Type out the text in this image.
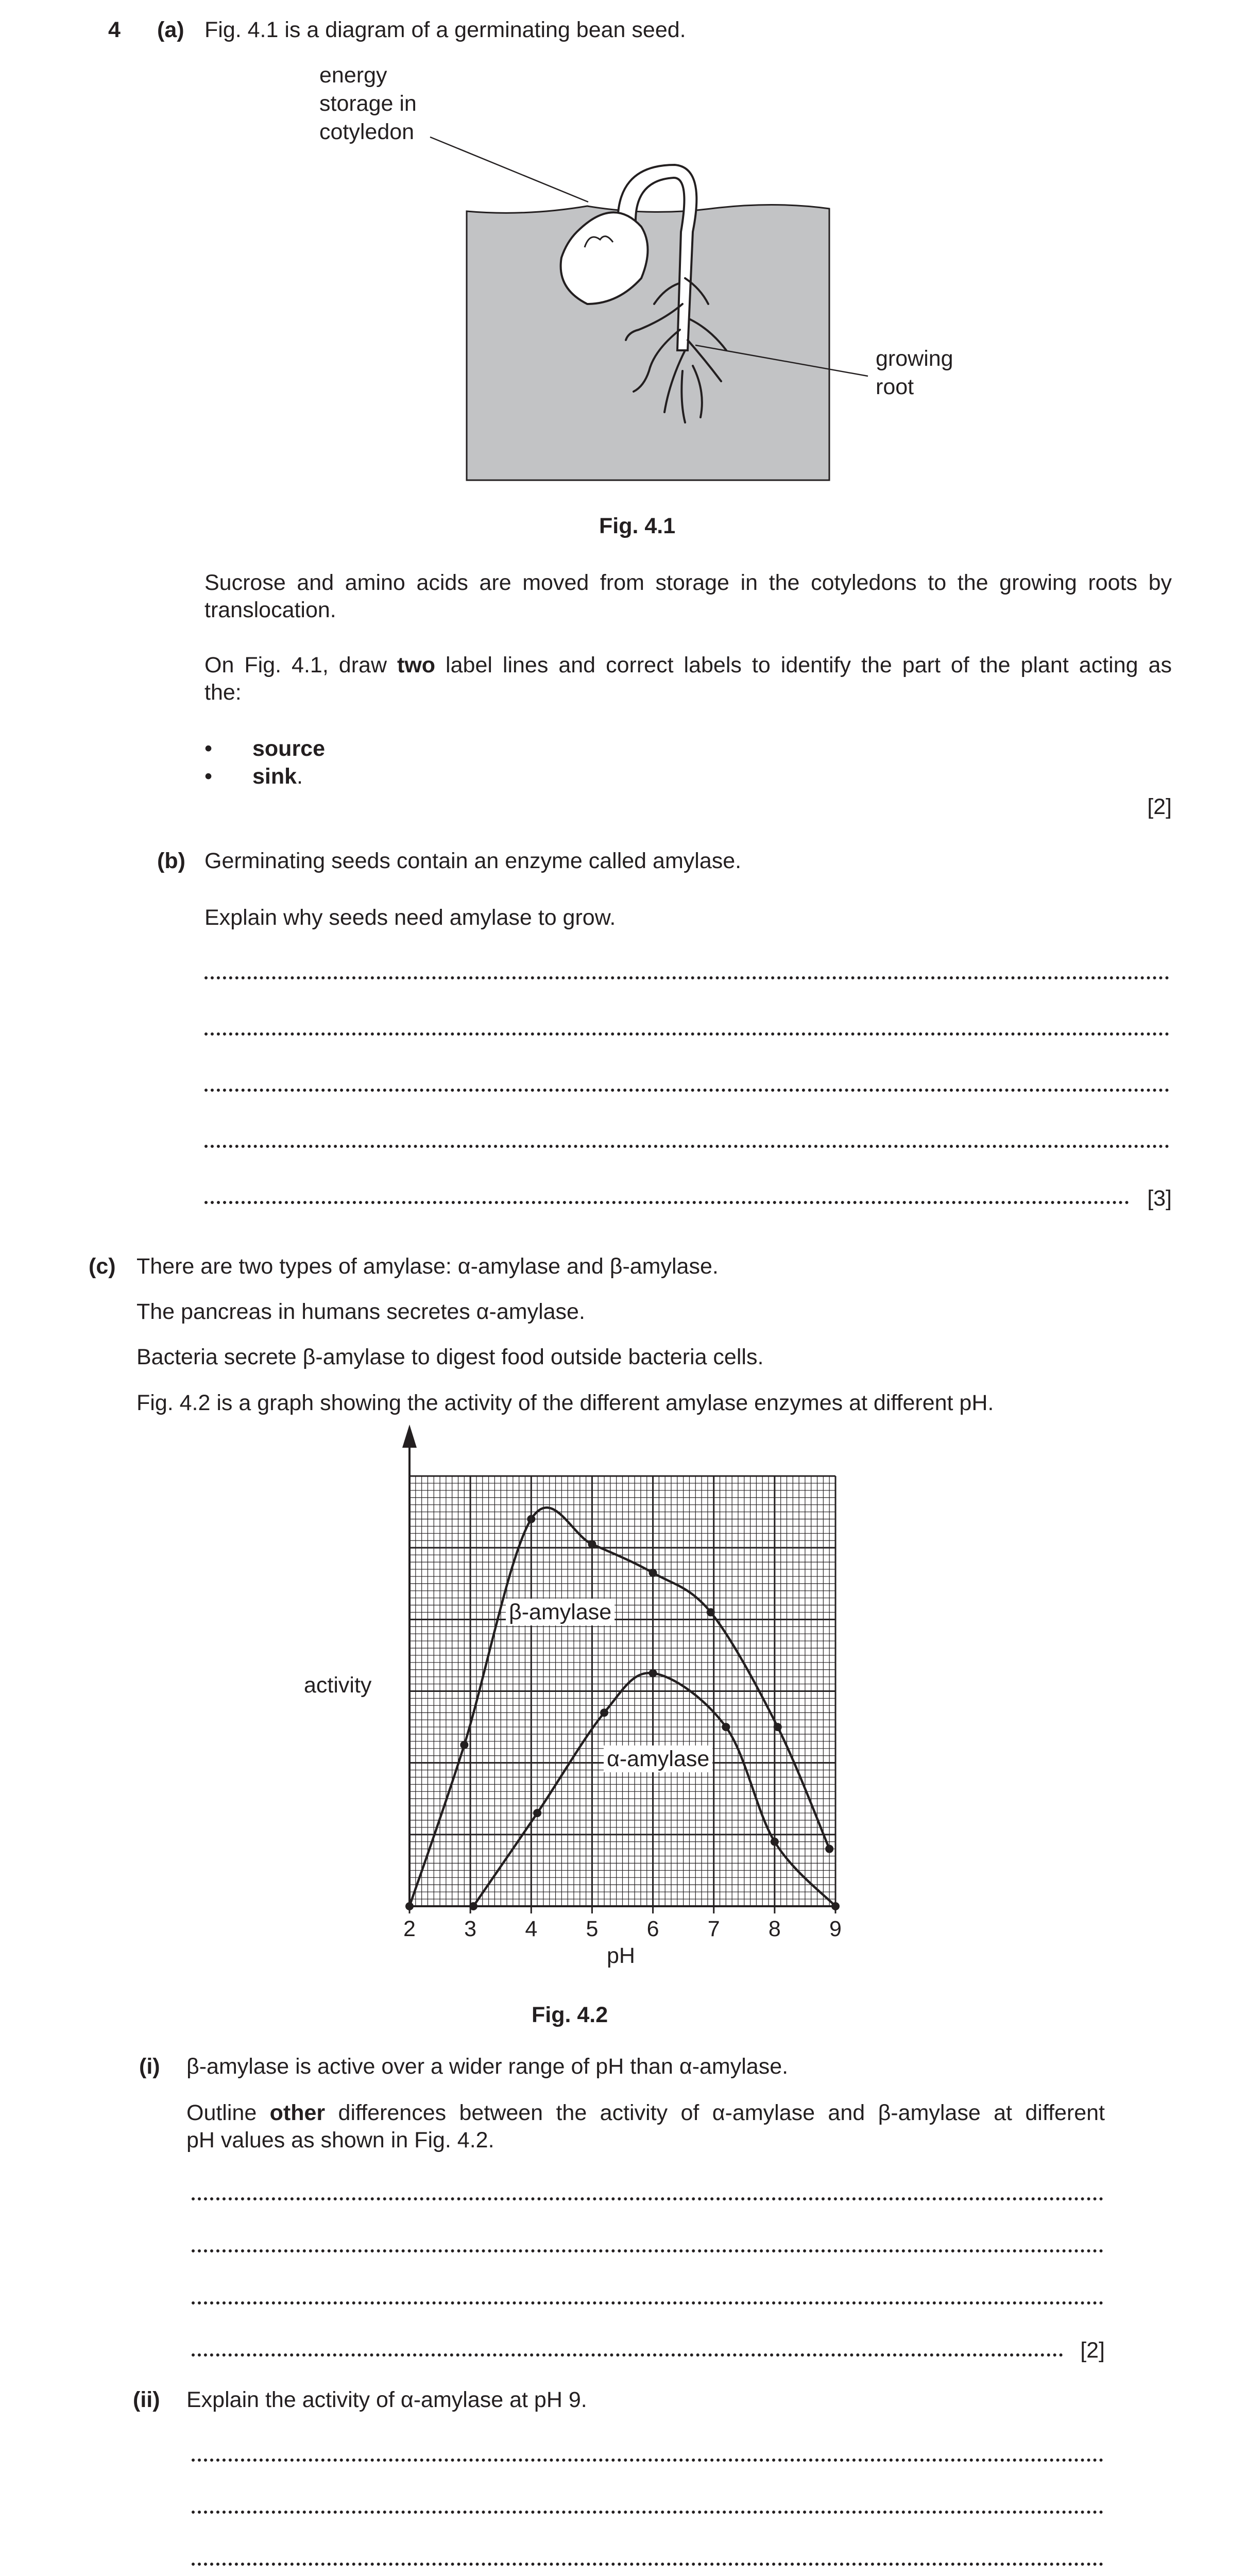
4 (a) Fig. 4.1 is a diagram of a germinating bean seed.
energy
storage in
cotyledon
growing
root
Fig. 4.1
Sucrose and amino acids are moved from storage in the cotyledons to the growing roots by
translocation.
On Fig. 4.1, draw two label lines and correct labels to identify the part of the plant acting as
the:
• source
• sink.
[2]
(b) Germinating seeds contain an enzyme called amylase.
Explain why seeds need amylase to grow.
[3]
(c) There are two types of amylase: α-amylase and β-amylase.
The pancreas in humans secretes α-amylase.
Bacteria secrete β-amylase to digest food outside bacteria cells.
Fig. 4.2 is a graph showing the activity of the different amylase enzymes at different pH.
2 3 4 5 6 7 8 9
activity
pH
β-amylase
α-amylase
Fig. 4.2
(i) β-amylase is active over a wider range of pH than α-amylase.
Outline other differences between the activity of α-amylase and β-amylase at different
pH values as shown in Fig. 4.2.
[2]
(ii) Explain the activity of α-amylase at pH 9.
